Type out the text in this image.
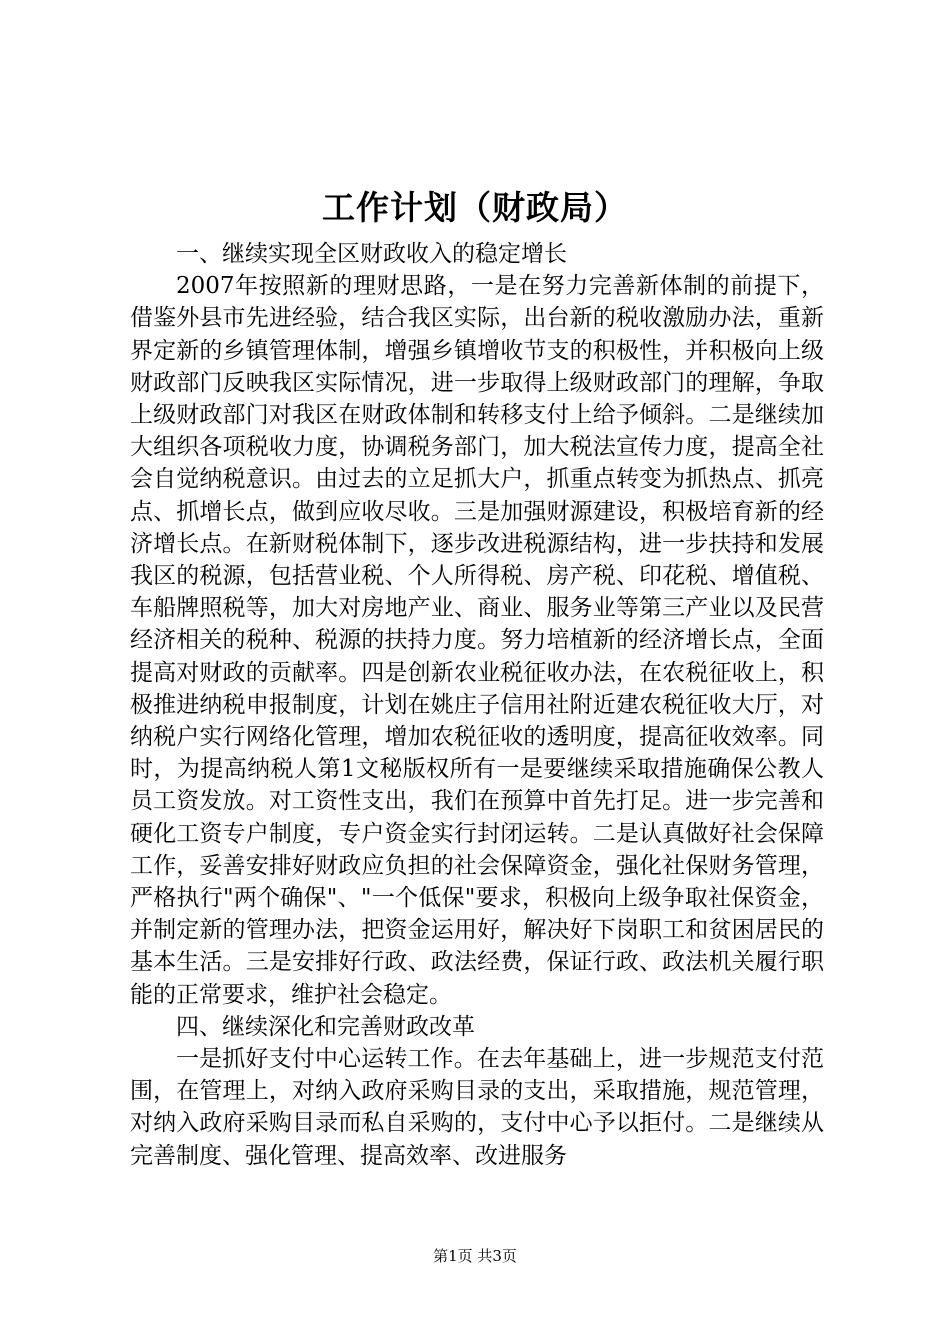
工作计划（财政局）

一、继续实现全区财政收入的稳定增长

2007年按照新的理财思路，一是在努力完善新体制的前提下，借鉴外县市先进经验，结合我区实际，出台新的税收激励办法，重新界定新的乡镇管理体制，增强乡镇增收节支的积极性，并积极向上级财政部门反映我区实际情况，进一步取得上级财政部门的理解，争取上级财政部门对我区在财政体制和转移支付上给予倾斜。二是继续加大组织各项税收力度，协调税务部门，加大税法宣传力度，提高全社会自觉纳税意识。由过去的立足抓大户，抓重点转变为抓热点、抓亮点、抓增长点，做到应收尽收。三是加强财源建设，积极培育新的经济增长点。在新财税体制下，逐步改进税源结构，进一步扶持和发展我区的税源，包括营业税、个人所得税、房产税、印花税、增值税、车船牌照税等，加大对房地产业、商业、服务业等第三产业以及民营经济相关的税种、税源的扶持力度。努力培植新的经济增长点，全面提高对财政的贡献率。四是创新农业税征收办法，在农税征收上，积极推进纳税申报制度，计划在姚庄子信用社附近建农税征收大厅，对纳税户实行网络化管理，增加农税征收的透明度，提高征收效率。同时，为提高纳税人第1文秘版权所有一是要继续采取措施确保公教人员工资发放。对工资性支出，我们在预算中首先打足。进一步完善和硬化工资专户制度，专户资金实行封闭运转。二是认真做好社会保障工作，妥善安排好财政应负担的社会保障资金，强化社保财务管理，严格执行"两个确保"、"一个低保"要求，积极向上级争取社保资金，并制定新的管理办法，把资金运用好，解决好下岗职工和贫困居民的基本生活。三是安排好行政、政法经费，保证行政、政法机关履行职能的正常要求，维护社会稳定。

四、继续深化和完善财政改革

一是抓好支付中心运转工作。在去年基础上，进一步规范支付范围，在管理上，对纳入政府采购目录的支出，采取措施，规范管理，对纳入政府采购目录而私自采购的，支付中心予以拒付。二是继续从完善制度、强化管理、提高效率、改进服务

第1页 共3页
